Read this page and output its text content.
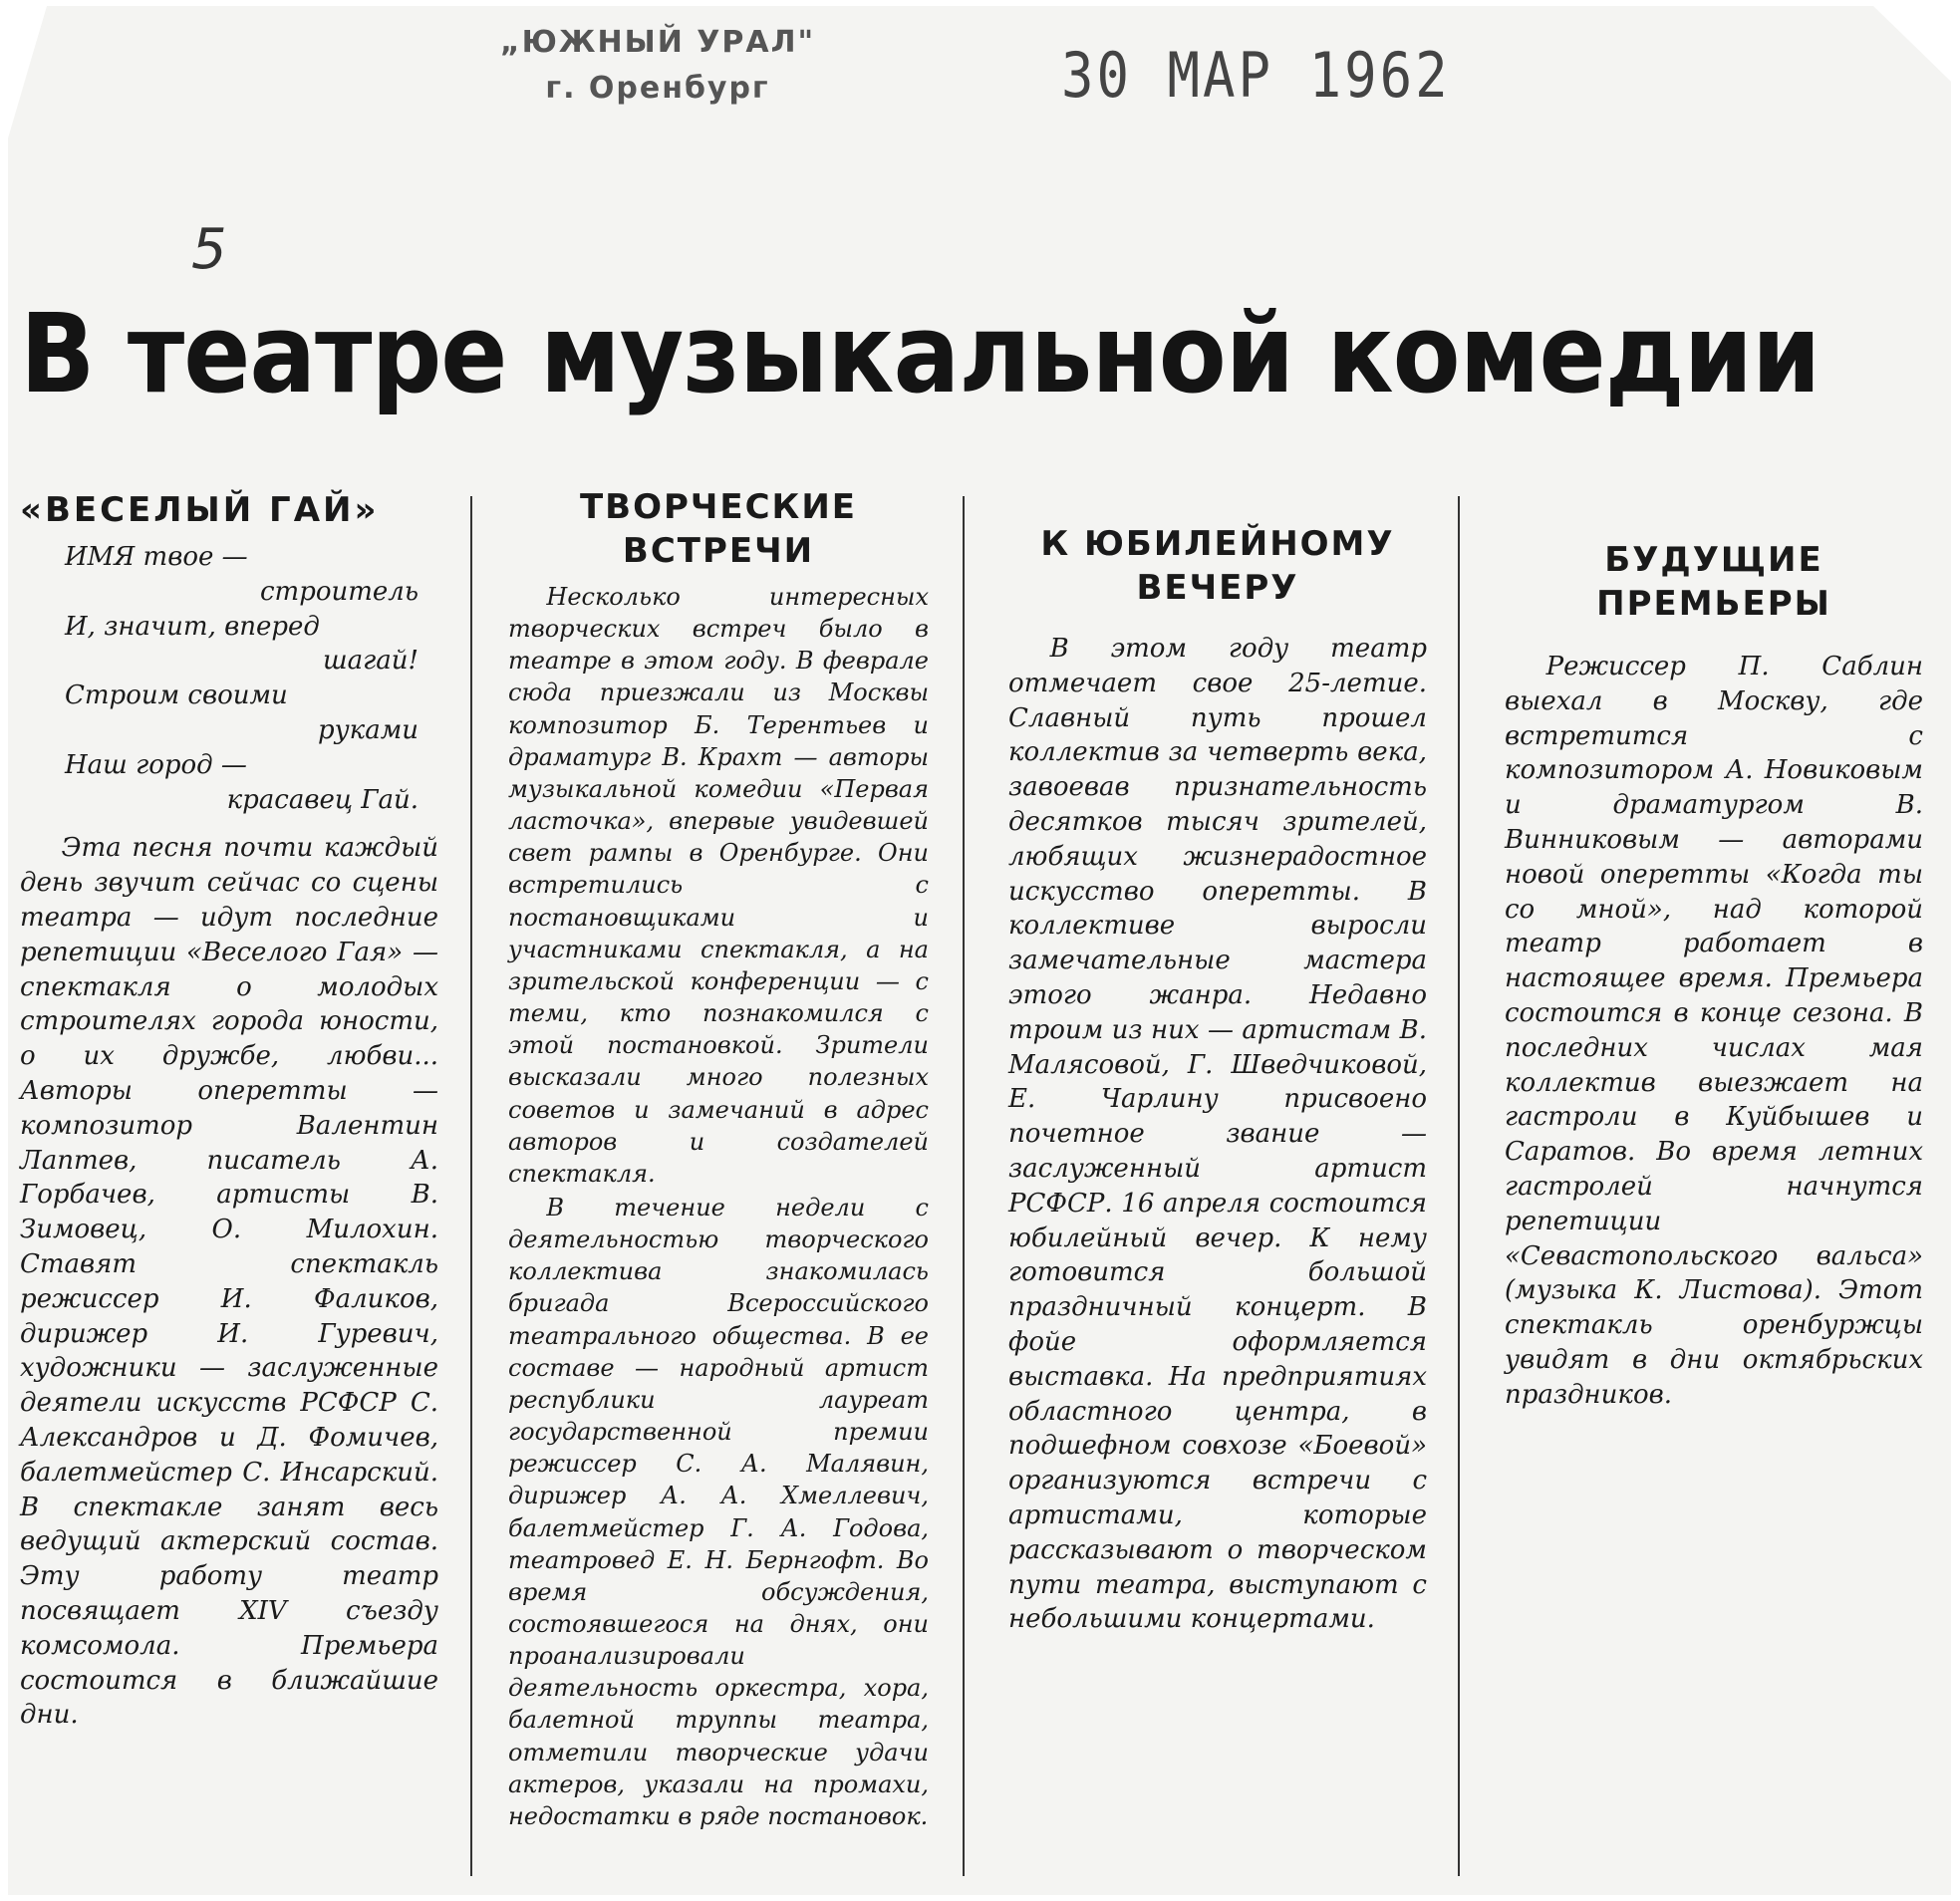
„ЮЖНЫЙ УРАЛ"
г. Оренбург	30 МАР 1962
5
В театре музыкальной комедии
«ВЕСЕЛЫЙ ГАЙ»
ИМЯ твое —
строитель
И, значит, вперед
шагай!
Строим своими
руками
Наш город —
красавец Гай.

Эта песня почти каждый день звучит сейчас со сцены театра — идут последние репетиции «Веселого Гая» — спектакля о молодых строителях города юности, о их дружбе, любви... Авторы оперетты — композитор Валентин Лаптев, писатель А. Горбачев, артисты В. Зимовец, О. Милохин. Ставят спектакль режиссер И. Фаликов, дирижер И. Гуревич, художники — заслуженные деятели искусств РСФСР С. Александров и Д. Фомичев, балетмейстер С. Инсарский. В спектакле занят весь ведущий актерский состав. Эту работу театр посвящает XIV съезду комсомола. Премьера состоится в ближайшие дни.

ТВОРЧЕСКИЕ ВСТРЕЧИ

Несколько интересных творческих встреч было в театре в этом году. В феврале сюда приезжали из Москвы композитор Б. Терентьев и драматург В. Крахт — авторы музыкальной комедии «Первая ласточка», впервые увидевшей свет рампы в Оренбурге. Они встретились с постановщиками и участниками спектакля, а на зрительской конференции — с теми, кто познакомился с этой постановкой. Зрители высказали много полезных советов и замечаний в адрес авторов и создателей спектакля.

В течение недели с деятельностью творческого коллектива знакомилась бригада Всероссийского театрального общества. В ее составе — народный артист республики лауреат государственной премии режиссер С. А. Малявин, дирижер А. А. Хмеллевич, балетмейстер Г. А. Годова, театровед Е. Н. Бернгофт. Во время обсуждения, состоявшегося на днях, они проанализировали деятельность оркестра, хора, балетной труппы театра, отметили творческие удачи актеров, указали на промахи, недостатки в ряде постановок.

К ЮБИЛЕЙНОМУ ВЕЧЕРУ

В этом году театр отмечает свое 25-летие. Славный путь прошел коллектив за четверть века, завоевав признательность десятков тысяч зрителей, любящих жизнерадостное искусство оперетты. В коллективе выросли замечательные мастера этого жанра. Недавно троим из них — артистам В. Малясовой, Г. Шведчиковой, Е. Чарлину присвоено почетное звание — заслуженный артист РСФСР. 16 апреля состоится юбилейный вечер. К нему готовится большой праздничный концерт. В фойе оформляется выставка. На предприятиях областного центра, в подшефном совхозе «Боевой» организуются встречи с артистами, которые рассказывают о творческом пути театра, выступают с небольшими концертами.

БУДУЩИЕ ПРЕМЬЕРЫ

Режиссер П. Саблин выехал в Москву, где встретится с композитором А. Новиковым и драматургом В. Винниковым — авторами новой оперетты «Когда ты со мной», над которой театр работает в настоящее время. Премьера состоится в конце сезона. В последних числах мая коллектив выезжает на гастроли в Куйбышев и Саратов. Во время летних гастролей начнутся репетиции «Севастопольского вальса» (музыка К. Листова). Этот спектакль оренбуржцы увидят в дни октябрьских праздников.
